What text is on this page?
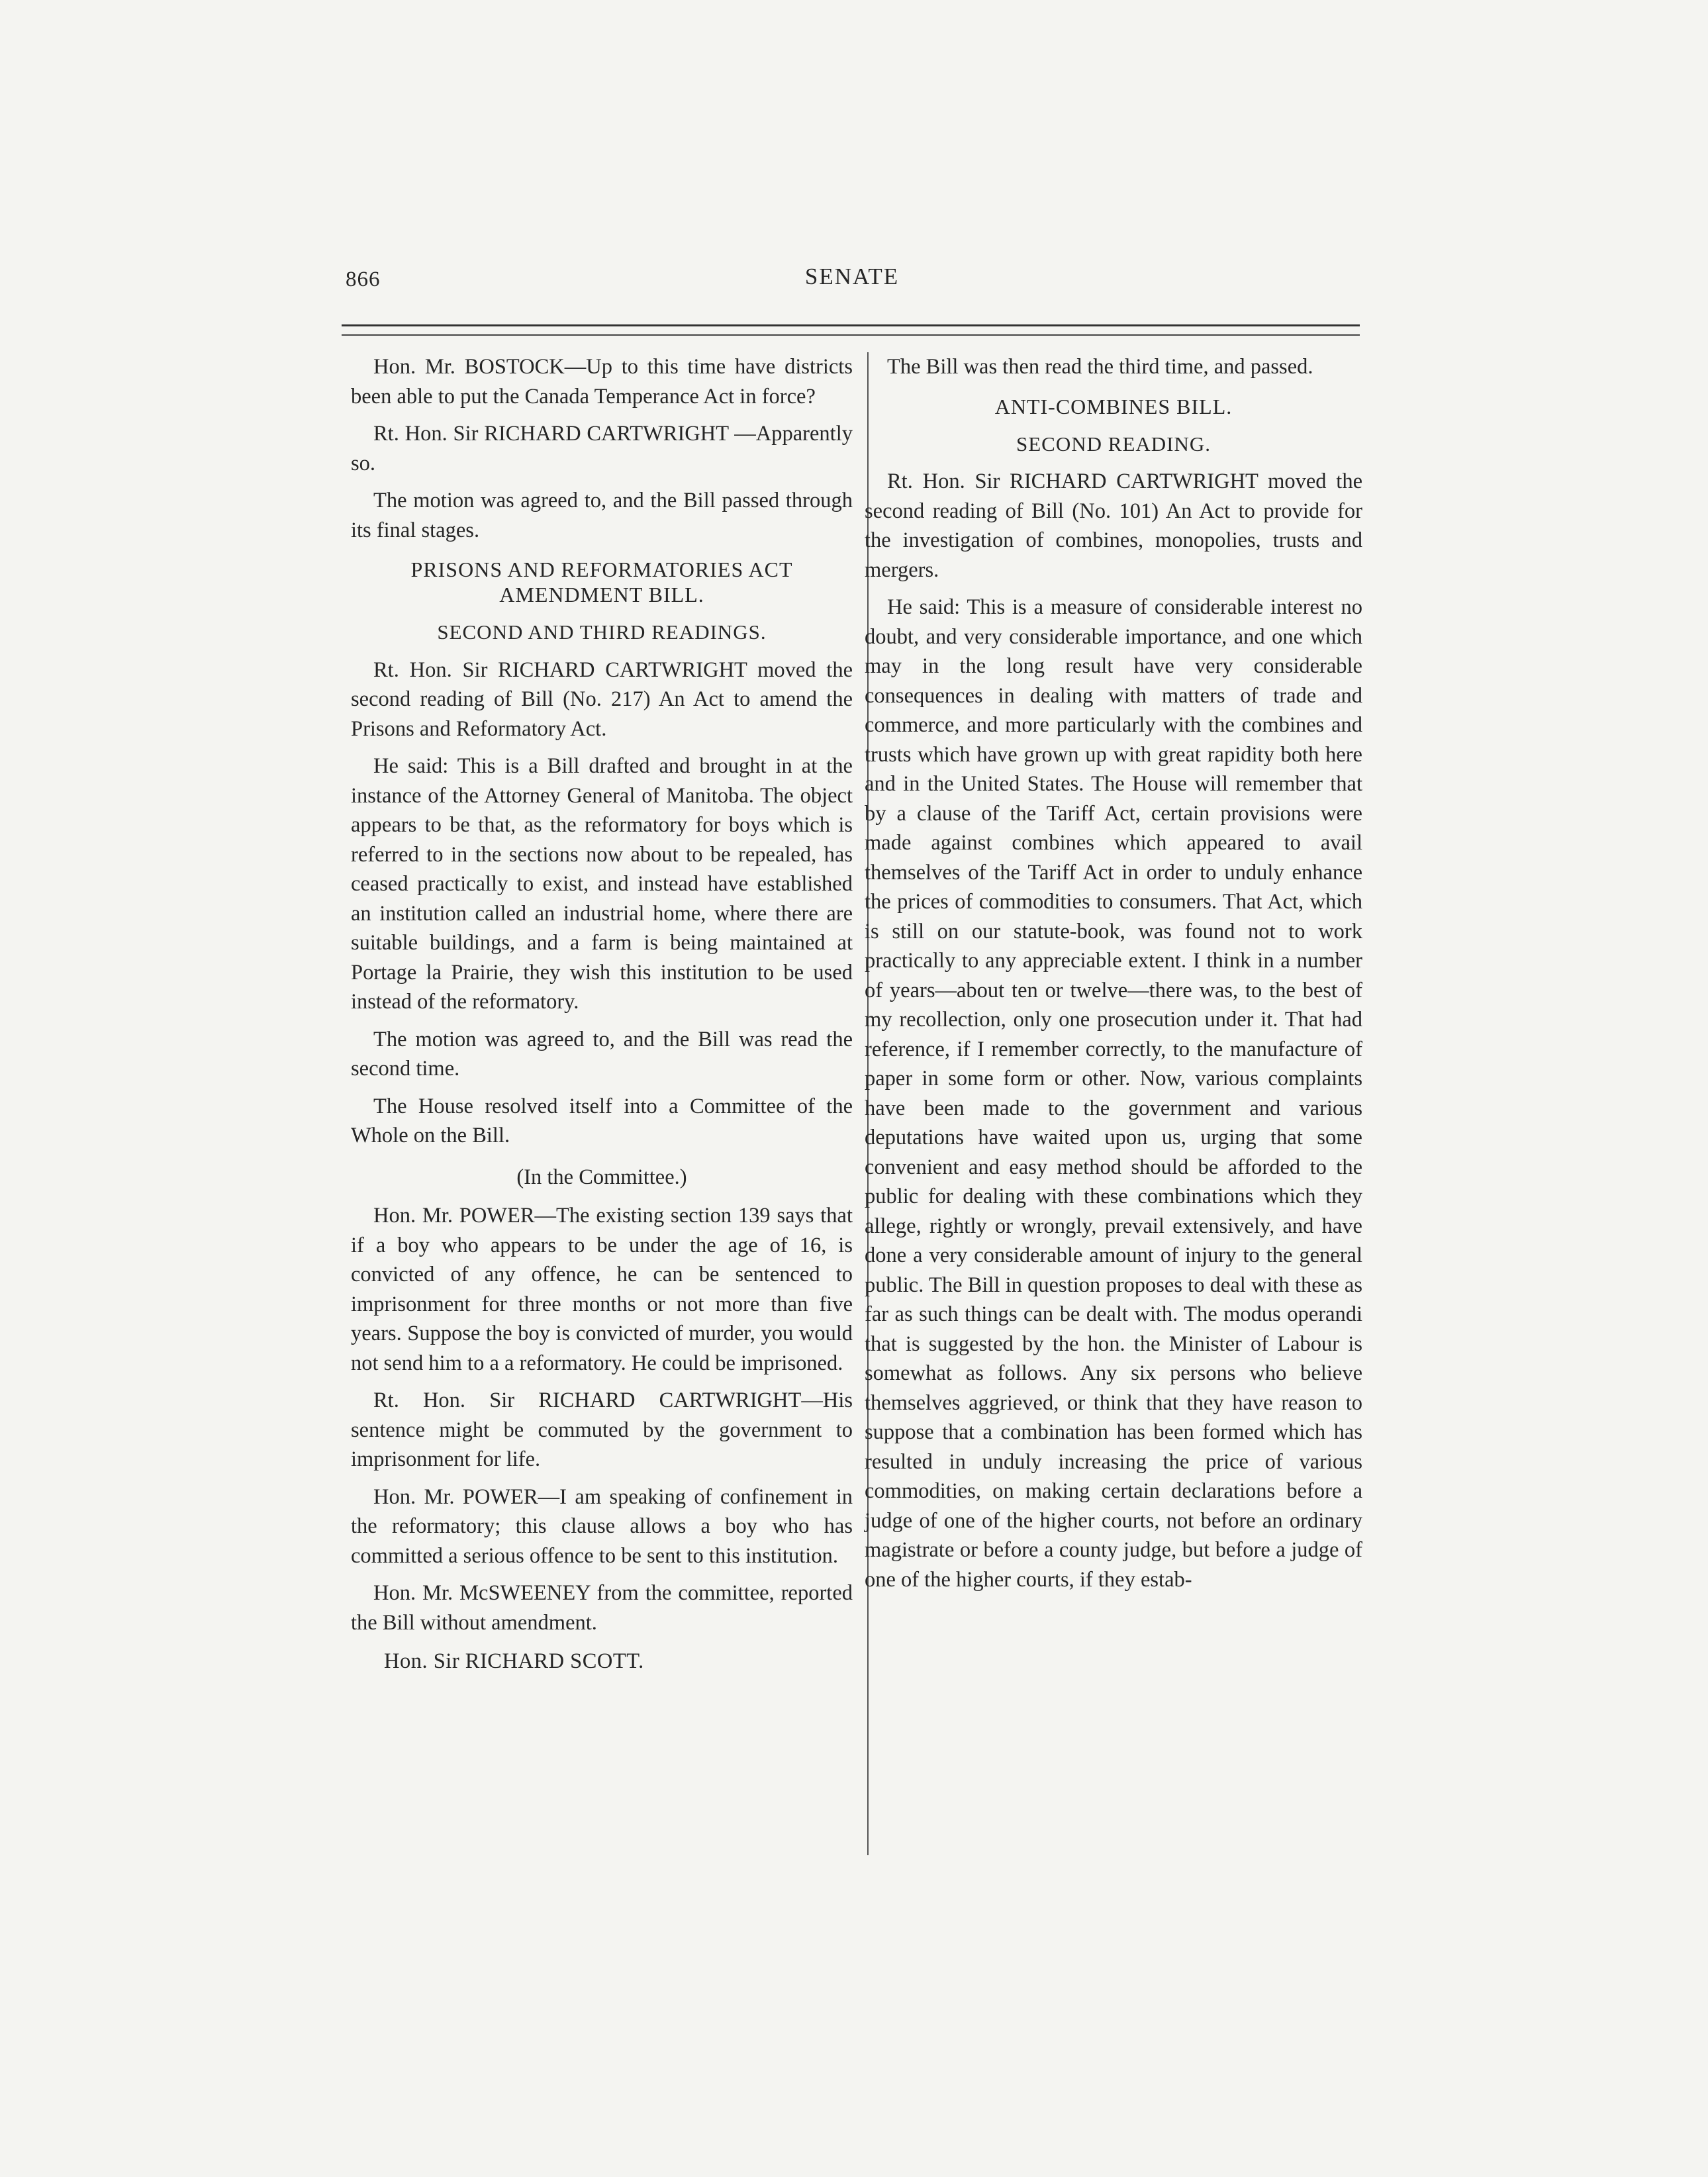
866	SENATE

Hon. Mr. BOSTOCK—Up to this time have districts been able to put the Canada Temperance Act in force?

Rt. Hon. Sir RICHARD CARTWRIGHT —Apparently so.

The motion was agreed to, and the Bill passed through its final stages.

PRISONS AND REFORMATORIES ACT AMENDMENT BILL.
SECOND AND THIRD READINGS.

Rt. Hon. Sir RICHARD CARTWRIGHT moved the second reading of Bill (No. 217) An Act to amend the Prisons and Reformatory Act.

He said: This is a Bill drafted and brought in at the instance of the Attorney General of Manitoba. The object appears to be that, as the reformatory for boys which is referred to in the sections now about to be repealed, has ceased practically to exist, and instead have established an institution called an industrial home, where there are suitable buildings, and a farm is being maintained at Portage la Prairie, they wish this institution to be used instead of the reformatory.

The motion was agreed to, and the Bill was read the second time.

The House resolved itself into a Committee of the Whole on the Bill.

(In the Committee.)

Hon. Mr. POWER—The existing section 139 says that if a boy who appears to be under the age of 16, is convicted of any offence, he can be sentenced to imprisonment for three months or not more than five years. Suppose the boy is convicted of murder, you would not send him to a a reformatory. He could be imprisoned.

Rt. Hon. Sir RICHARD CARTWRIGHT—His sentence might be commuted by the government to imprisonment for life.

Hon. Mr. POWER—I am speaking of confinement in the reformatory; this clause allows a boy who has committed a serious offence to be sent to this institution.

Hon. Mr. McSWEENEY from the committee, reported the Bill without amendment.

Hon. Sir RICHARD SCOTT.

The Bill was then read the third time, and passed.

ANTI-COMBINES BILL.
SECOND READING.

Rt. Hon. Sir RICHARD CARTWRIGHT moved the second reading of Bill (No. 101) An Act to provide for the investigation of combines, monopolies, trusts and mergers.

He said: This is a measure of considerable interest no doubt, and very considerable importance, and one which may in the long result have very considerable consequences in dealing with matters of trade and commerce, and more particularly with the combines and trusts which have grown up with great rapidity both here and in the United States. The House will remember that by a clause of the Tariff Act, certain provisions were made against combines which appeared to avail themselves of the Tariff Act in order to unduly enhance the prices of commodities to consumers. That Act, which is still on our statute-book, was found not to work practically to any appreciable extent. I think in a number of years—about ten or twelve—there was, to the best of my recollection, only one prosecution under it. That had reference, if I remember correctly, to the manufacture of paper in some form or other. Now, various complaints have been made to the government and various deputations have waited upon us, urging that some convenient and easy method should be afforded to the public for dealing with these combinations which they allege, rightly or wrongly, prevail extensively, and have done a very considerable amount of injury to the general public. The Bill in question proposes to deal with these as far as such things can be dealt with. The modus operandi that is suggested by the hon. the Minister of Labour is somewhat as follows. Any six persons who believe themselves aggrieved, or think that they have reason to suppose that a combination has been formed which has resulted in unduly increasing the price of various commodities, on making certain declarations before a judge of one of the higher courts, not before an ordinary magistrate or before a county judge, but before a judge of one of the higher courts, if they estab-
